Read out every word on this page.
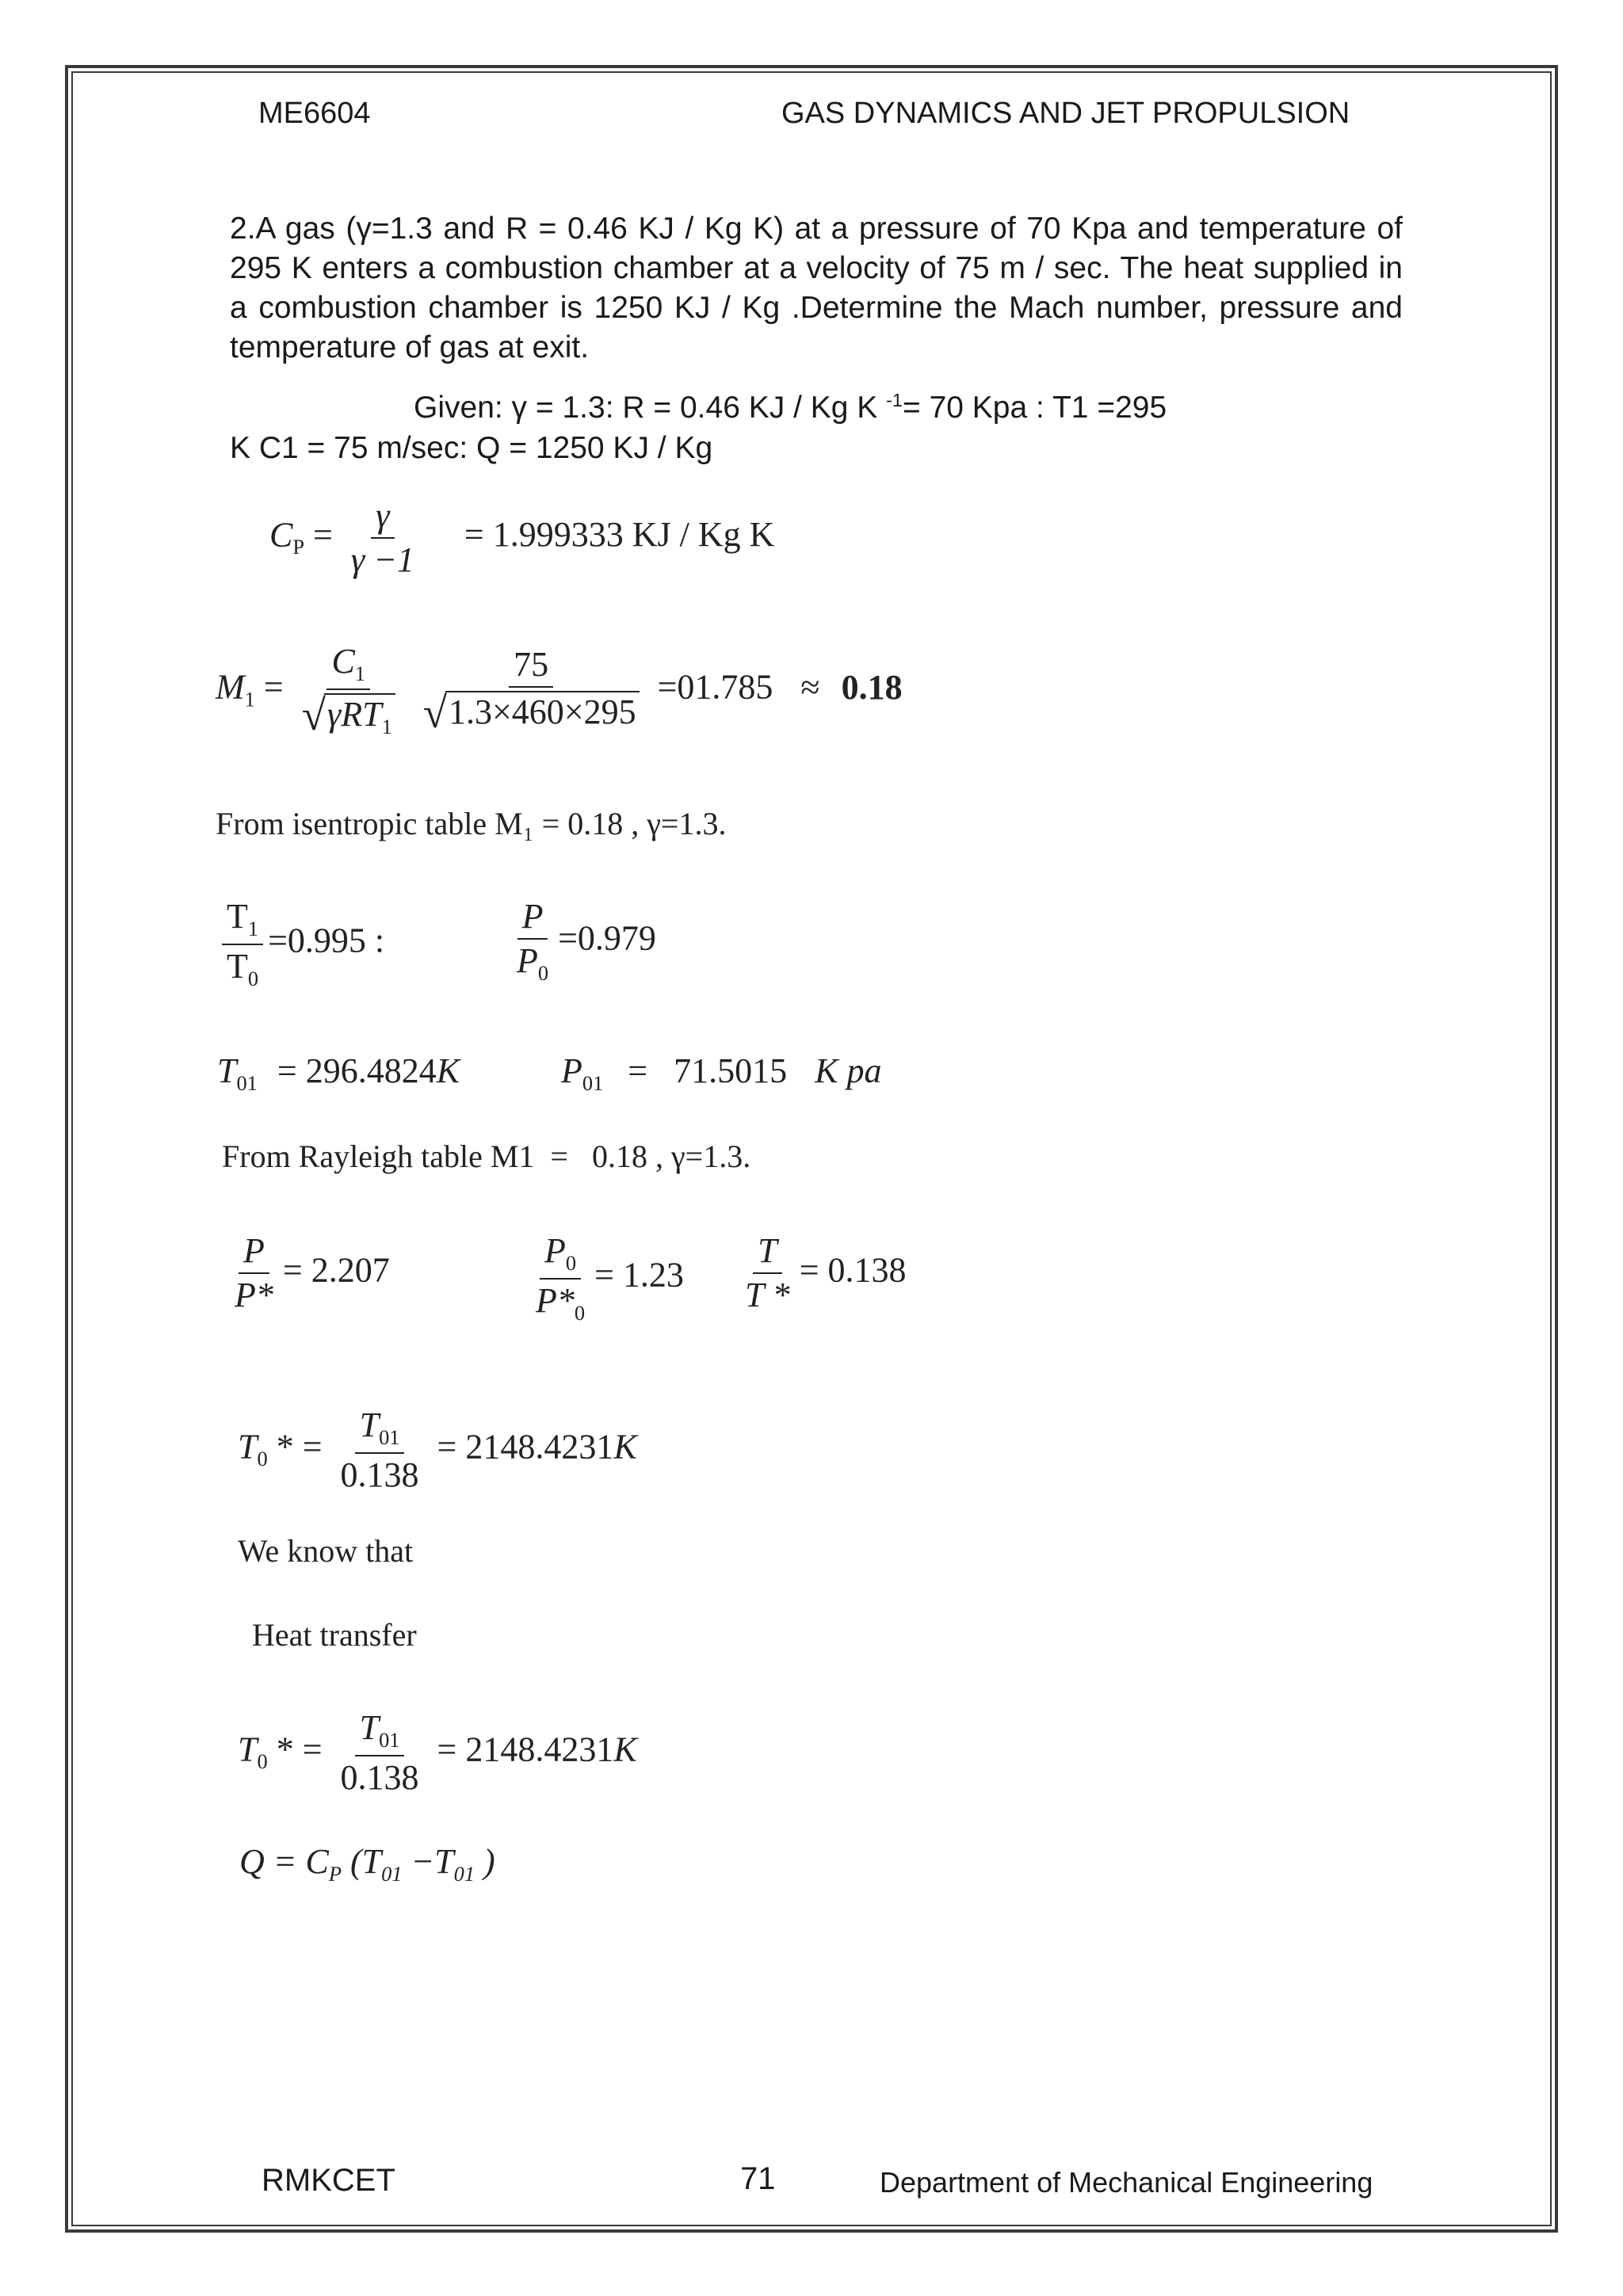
ME6604	GAS DYNAMICS AND JET PROPULSION
2.A gas (γ=1.3 and R = 0.46 KJ / Kg K) at a pressure of 70 Kpa and temperature of 295 K enters a combustion chamber at a velocity of 75 m / sec. The heat supplied in a combustion chamber is 1250 KJ / Kg .Determine the Mach number, pressure and temperature of gas at exit.
Given: γ = 1.3: R = 0.46 KJ / Kg K $^{-1}$= 70 Kpa : T1 =295
K C1 = 75 m/sec: Q = 1250 KJ / Kg
$C_P = \frac{\gamma}{\gamma -1} = 1.999333$ KJ / Kg K
$M_1 = \frac{C_1}{√ \gamma RT_1}$
$\frac{75}{√ 1.3\times 460\times 295} =01.785 \approx 0.18$
From isentropic table M₁ = 0.18 , γ=1.3.
$\frac{T_1}{T_0} =0.995$ :	$\frac{P}{P_0} =0.979$
$T_{01} = 296.4824K$	$P_{01} = 71.5015$ K pa
From Rayleigh table M1  =   0.18 , γ=1.3.
$\frac{P}{P*} = 2.207$	$\frac{P_0}{P*_0} = 1.23 \frac{T}{T *} = 0.138$
$T_0$ * = $\frac{T_{01}}{0.138} = 2148.4231K$
We know that
Heat transfer
$T_0$ * = $\frac{T_{01}}{0.138} = 2148.4231K$
$Q = C_P$ ($T_{01} -T_{01}$ )
RMKCET	71	Department of Mechanical Engineering
